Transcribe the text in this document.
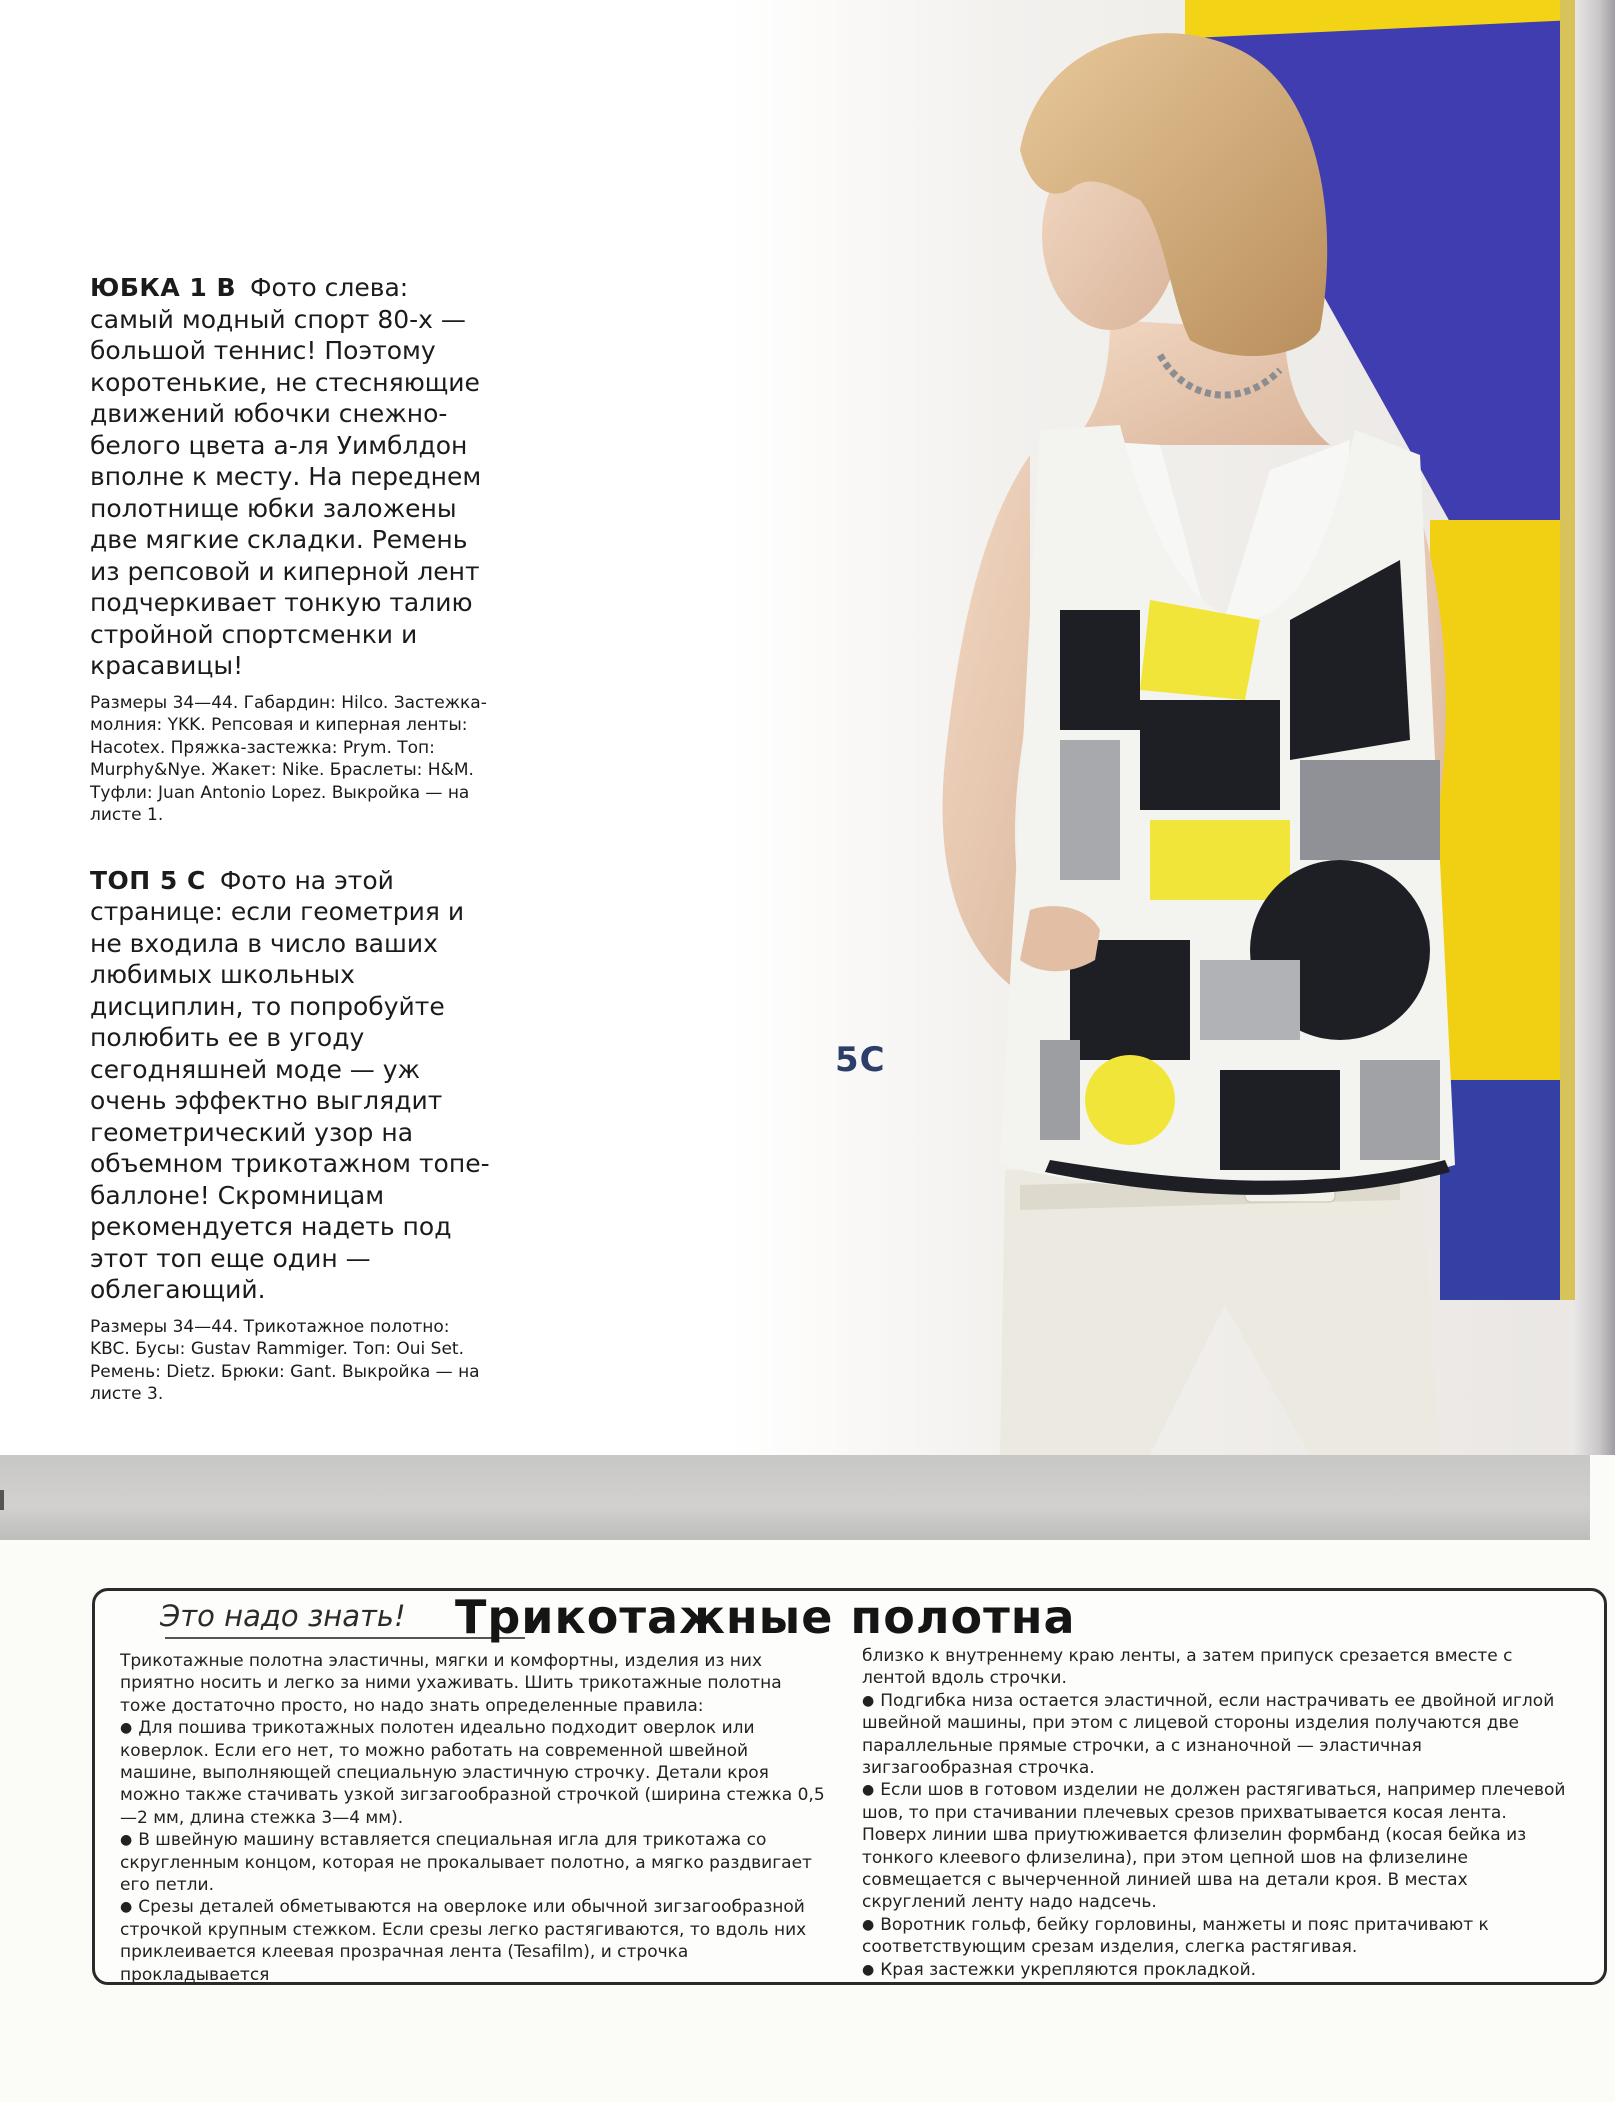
5C

ЮБКА 1 В Фото слева: самый модный спорт 80-х — большой теннис! Поэтому коротенькие, не стесняющие движений юбочки снежно-белого цвета а-ля Уимблдон вполне к месту. На переднем полотнище юбки заложены две мягкие складки. Ремень из репсовой и киперной лент подчеркивает тонкую талию стройной спортсменки и красавицы!

Размеры 34—44. Габардин: Hilco. Застежка-молния: YKK. Репсовая и киперная ленты: Hacotex. Пряжка-застежка: Prym. Топ: Murphy&Nye. Жакет: Nike. Браслеты: H&M. Туфли: Juan Antonio Lopez. Выкройка — на листе 1.

ТОП 5 С Фото на этой странице: если геометрия и не входила в число ваших любимых школьных дисциплин, то попробуйте полюбить ее в угоду сегодняшней моде — уж очень эффектно выглядит геометрический узор на объемном трикотажном топе-баллоне! Скромницам рекомендуется надеть под этот топ еще один — облегающий.

Размеры 34—44. Трикотажное полотно: KBC. Бусы: Gustav Rammiger. Топ: Oui Set. Ремень: Dietz. Брюки: Gant. Выкройка — на листе 3.

Это надо знать! Трикотажные полотна

Трикотажные полотна эластичны, мягки и комфортны, изделия из них приятно носить и легко за ними ухаживать. Шить трикотажные полотна тоже достаточно просто, но надо знать определенные правила:

● Для пошива трикотажных полотен идеально подходит оверлок или коверлок. Если его нет, то можно работать на современной швейной машине, выполняющей специальную эластичную строчку. Детали кроя можно также стачивать узкой зигзагообразной строчкой (ширина стежка 0,5—2 мм, длина стежка 3—4 мм).

● В швейную машину вставляется специальная игла для трикотажа со скругленным концом, которая не прокалывает полотно, а мягко раздвигает его петли.

● Срезы деталей обметываются на оверлоке или обычной зигзагообразной строчкой крупным стежком. Если срезы легко растягиваются, то вдоль них приклеивается клеевая прозрачная лента (Tesafilm), и строчка прокладывается

близко к внутреннему краю ленты, а затем припуск срезается вместе с лентой вдоль строчки.

● Подгибка низа остается эластичной, если настрачивать ее двойной иглой швейной машины, при этом с лицевой стороны изделия получаются две параллельные прямые строчки, а с изнаночной — эластичная зигзагообразная строчка.

● Если шов в готовом изделии не должен растягиваться, например плечевой шов, то при стачивании плечевых срезов прихватывается косая лента. Поверх линии шва приутюживается флизелин формбанд (косая бейка из тонкого клеевого флизелина), при этом цепной шов на флизелине совмещается с вычерченной линией шва на детали кроя. В местах скруглений ленту надо надсечь.

● Воротник гольф, бейку горловины, манжеты и пояс притачивают к соответствующим срезам изделия, слегка растягивая.

● Края застежки укрепляются прокладкой.
